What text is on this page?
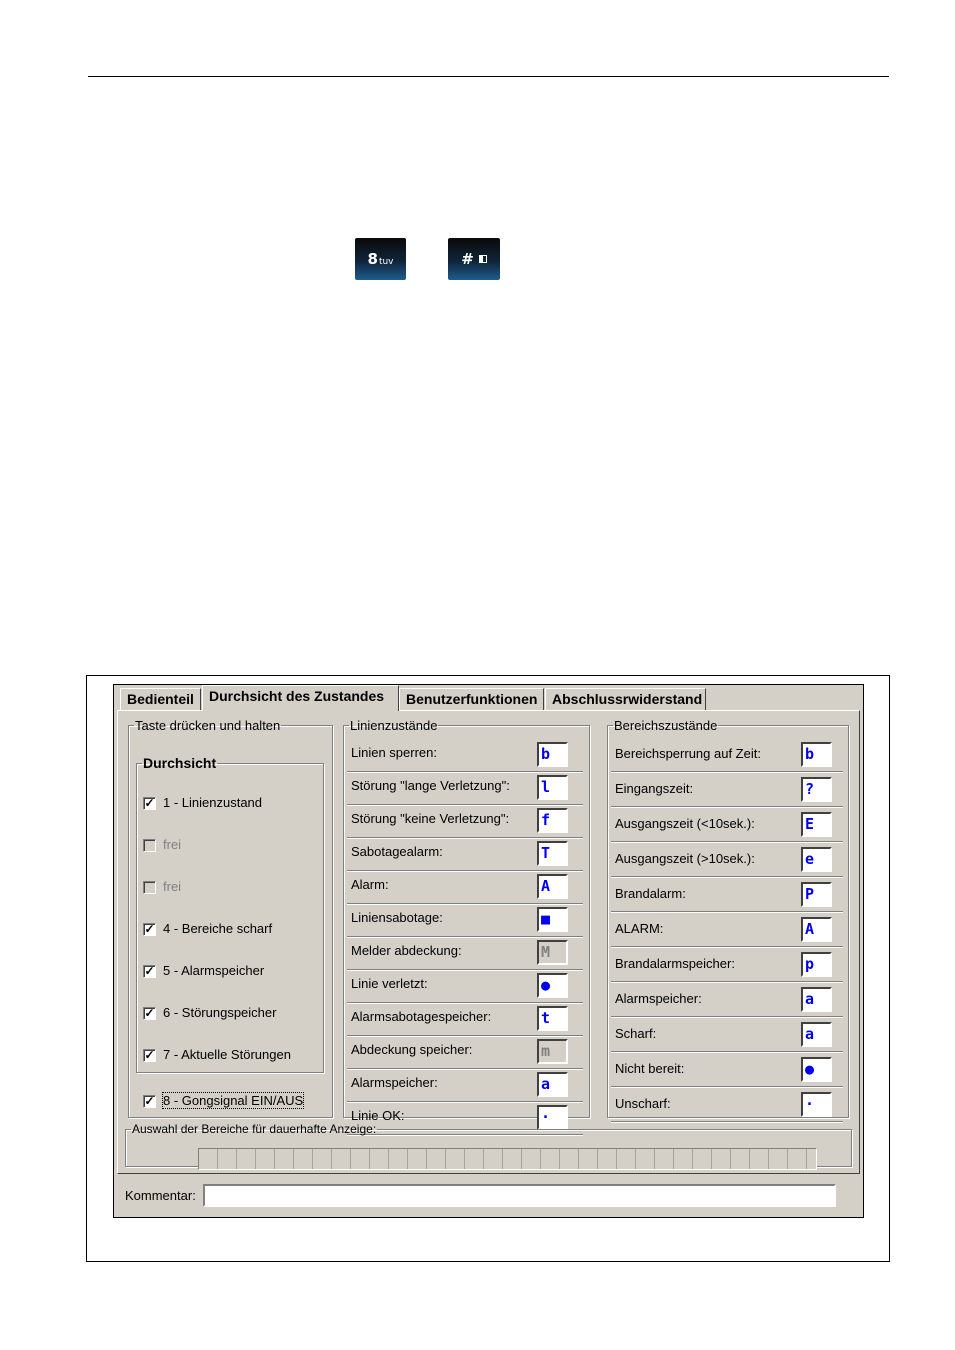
8 tuv	#
Bedienteil	Durchsicht des Zustandes	Benutzerfunktionen	Abschlussrwiderstand
Taste drücken und halten
Durchsicht
✓ 1 - Linienzustand
frei
frei
✓ 4 - Bereiche scharf
✓ 5 - Alarmspeicher
✓ 6 - Störungspeicher
✓ 7 - Aktuelle Störungen
✓ 8 - Gongsignal EIN/AUS
Linienzustände
Linien sperren:	b
Störung "lange Verletzung": l
Störung "keine Verletzung": f
Sabotagealarm:	T
Alarm:	A
Liniensabotage:	■
Melder abdeckung:	M
Linie verletzt:	●
Alarmsabotagespeicher:	t
Abdeckung speicher:	m
Alarmspeicher:	a
Linie OK:	·
Bereichszustände
Bereichsperrung auf Zeit:	b
Eingangszeit:	?
Ausgangszeit (<10sek.):	E
Ausgangszeit (>10sek.):	e
Brandalarm:	P
ALARM:	A
Brandalarmspeicher:	p
Alarmspeicher:	a
Scharf:	a
Nicht bereit:	●
Unscharf:	·
Auswahl der Bereiche für dauerhafte Anzeige:
Kommentar:
